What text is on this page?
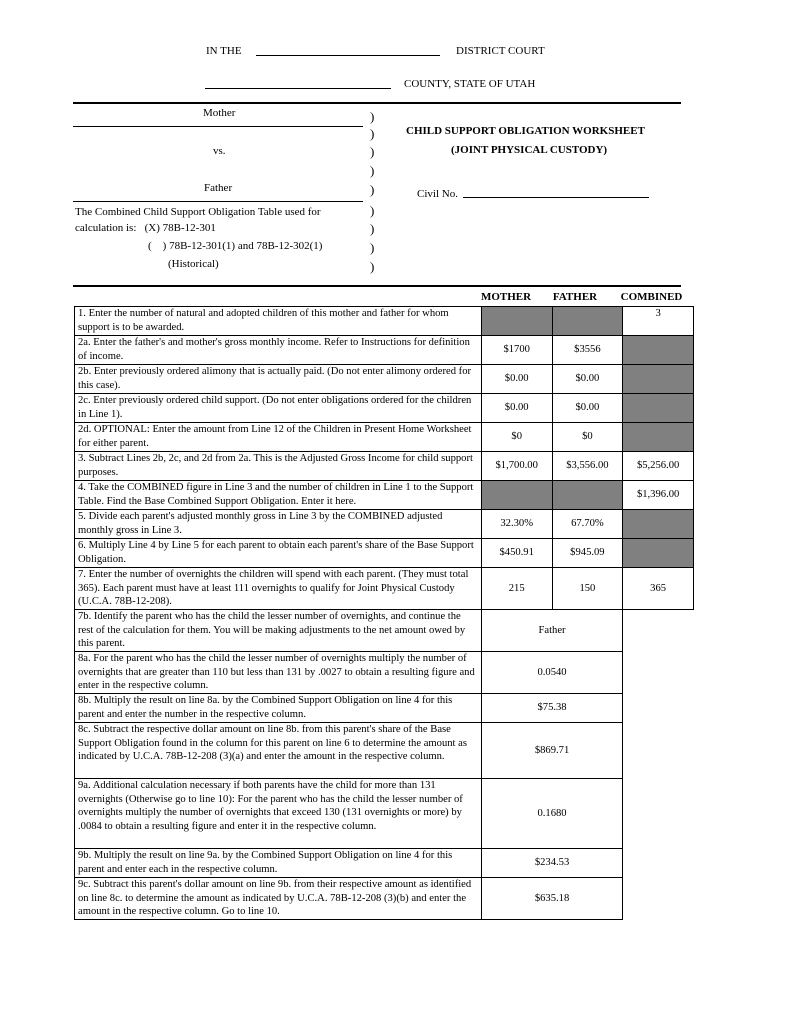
IN THE	DISTRICT COURT
COUNTY, STATE OF UTAH
Mother
vs.
Father
The Combined Child Support Obligation Table used for
calculation is:   (X) 78B-12-301
(    ) 78B-12-301(1) and 78B-12-302(1)
(Historical)
)
)
)
)
)
)
)
)
)
CHILD SUPPORT OBLIGATION WORKSHEET
(JOINT PHYSICAL CUSTODY)
Civil No.
MOTHER	FATHER	COMBINED
1. Enter the number of natural and adopted children of this mother and father for whom support is to be awarded.			3
2a. Enter the father's and mother's gross monthly income. Refer to Instructions for definition of income.	$1700	$3556	
2b. Enter previously ordered alimony that is actually paid. (Do not enter alimony ordered for this case).	$0.00	$0.00	
2c. Enter previously ordered child support. (Do not enter obligations ordered for the children in Line 1).	$0.00	$0.00	
2d. OPTIONAL: Enter the amount from Line 12 of the Children in Present Home Worksheet for either parent.	$0	$0	
3. Subtract Lines 2b, 2c, and 2d from 2a. This is the Adjusted Gross Income for child support purposes.	$1,700.00	$3,556.00	$5,256.00
4. Take the COMBINED figure in Line 3 and the number of children in Line 1 to the Support Table. Find the Base Combined Support Obligation. Enter it here.			$1,396.00
5. Divide each parent's adjusted monthly gross in Line 3 by the COMBINED adjusted monthly gross in Line 3.	32.30%	67.70%	
6. Multiply Line 4 by Line 5 for each parent to obtain each parent's share of the Base Support Obligation.	$450.91	$945.09	
7. Enter the number of overnights the children will spend with each parent. (They must total 365). Each parent must have at least 111 overnights to qualify for Joint Physical Custody (U.C.A. 78B-12-208).	215	150	365
7b. Identify the parent who has the child the lesser number of overnights, and continue the rest of the calculation for them. You will be making adjustments to the net amount owed by this parent.	Father		
8a. For the parent who has the child the lesser number of overnights multiply the number of overnights that are greater than 110 but less than 131 by .0027 to obtain a resulting figure and enter in the respective column.	0.0540		
8b. Multiply the result on line 8a. by the Combined Support Obligation on line 4 for this parent and enter the number in the respective column.	$75.38		
8c. Subtract the respective dollar amount on line 8b. from this parent's share of the Base Support Obligation found in the column for this parent on line 6 to determine the amount as indicated by U.C.A. 78B-12-208 (3)(a) and enter the amount in the respective column.	$869.71		
9a. Additional calculation necessary if both parents have the child for more than 131 overnights (Otherwise go to line 10): For the parent who has the child the lesser number of overnights multiply the number of overnights that exceed 130 (131 overnights or more) by .0084 to obtain a resulting figure and enter it in the respective column.	0.1680		
9b. Multiply the result on line 9a. by the Combined Support Obligation on line 4 for this parent and enter each in the respective column.	$234.53		
9c. Subtract this parent's dollar amount on line 9b. from their respective amount as identified on line 8c. to determine the amount as indicated by U.C.A. 78B-12-208 (3)(b) and enter the amount in the respective column. Go to line 10.	$635.18		
